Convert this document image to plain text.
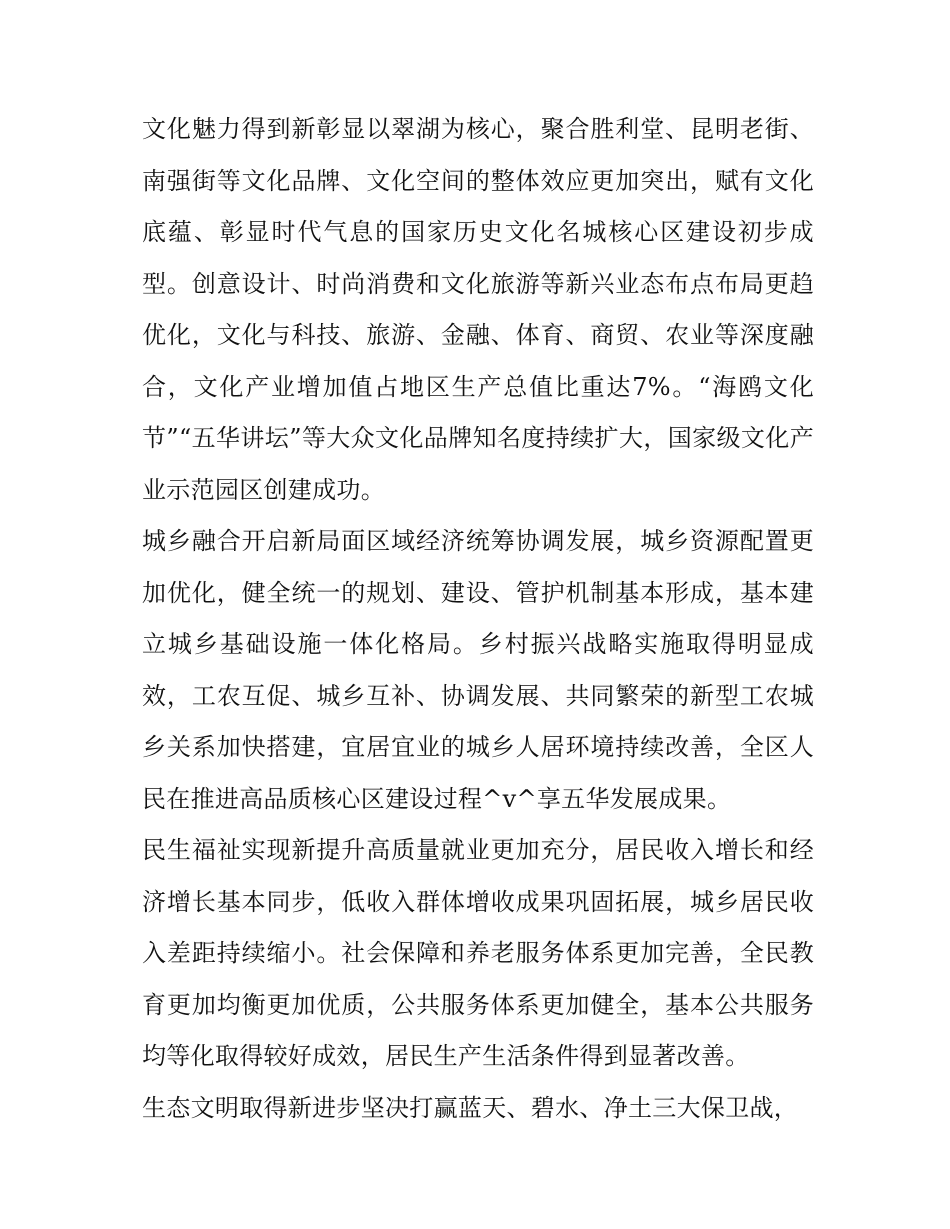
文化魅力得到新彰显以翠湖为核心，聚合胜利堂、昆明老街、南强街等文化品牌、文化空间的整体效应更加突出，赋有文化底蕴、彰显时代气息的国家历史文化名城核心区建设初步成型。创意设计、时尚消费和文化旅游等新兴业态布点布局更趋优化，文化与科技、旅游、金融、体育、商贸、农业等深度融合，文化产业增加值占地区生产总值比重达7%。“海鸥文化节”“五华讲坛”等大众文化品牌知名度持续扩大，国家级文化产业示范园区创建成功。

城乡融合开启新局面区域经济统筹协调发展，城乡资源配置更加优化，健全统一的规划、建设、管护机制基本形成，基本建立城乡基础设施一体化格局。乡村振兴战略实施取得明显成效，工农互促、城乡互补、协调发展、共同繁荣的新型工农城乡关系加快搭建，宜居宜业的城乡人居环境持续改善，全区人民在推进高品质核心区建设过程^v^享五华发展成果。

民生福祉实现新提升高质量就业更加充分，居民收入增长和经济增长基本同步，低收入群体增收成果巩固拓展，城乡居民收入差距持续缩小。社会保障和养老服务体系更加完善，全民教育更加均衡更加优质，公共服务体系更加健全，基本公共服务均等化取得较好成效，居民生产生活条件得到显著改善。

生态文明取得新进步坚决打赢蓝天、碧水、净土三大保卫战，
